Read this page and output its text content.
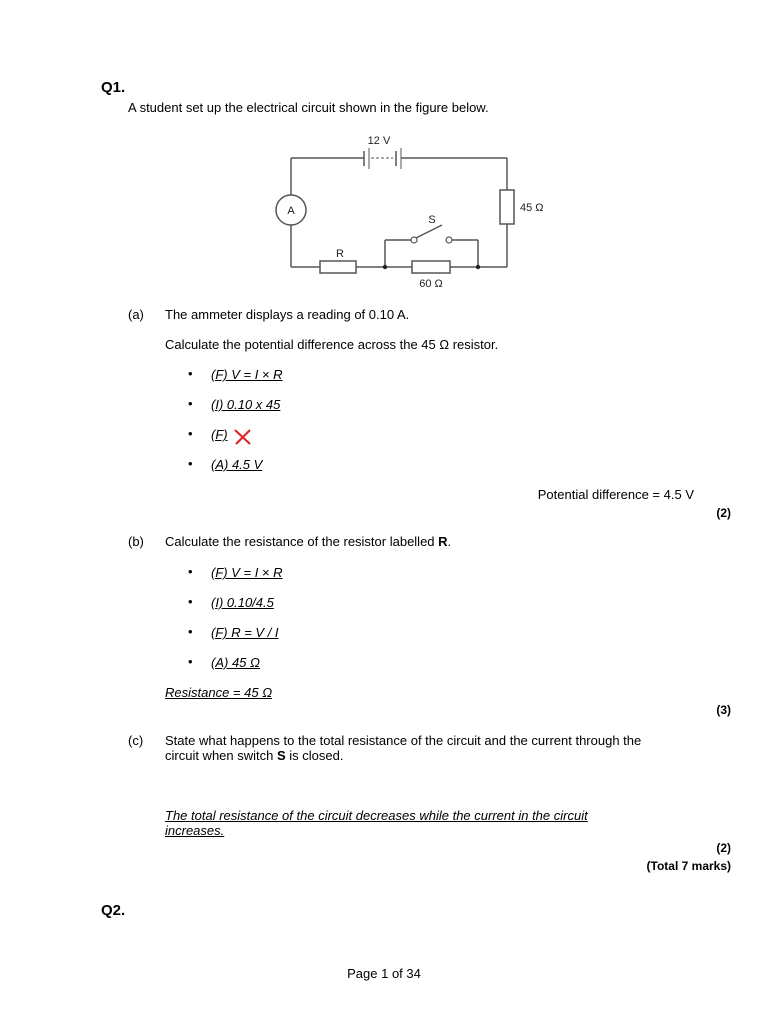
Q1.
A student set up the electrical circuit shown in the figure below.
12 V
A	45 Ω
R
60 Ω
S
(a) The ammeter displays a reading of 0.10 A.
Calculate the potential difference across the 45 Ω resistor.
• (F) V = I × R
• (I) 0.10 x 45
• (F)
• (A) 4.5 V
Potential difference = 4.5 V
(2)
(b) Calculate the resistance of the resistor labelled R.
• (F) V = I × R
• (I) 0.10/4.5
• (F) R = V / I
• (A) 45 Ω
Resistance = 45 Ω
(3)
(c) State what happens to the total resistance of the circuit and the current through the
circuit when switch S is closed.
The total resistance of the circuit decreases while the current in the circuit
increases.
(2)
(Total 7 marks)
Q2.
Page 1 of 34
